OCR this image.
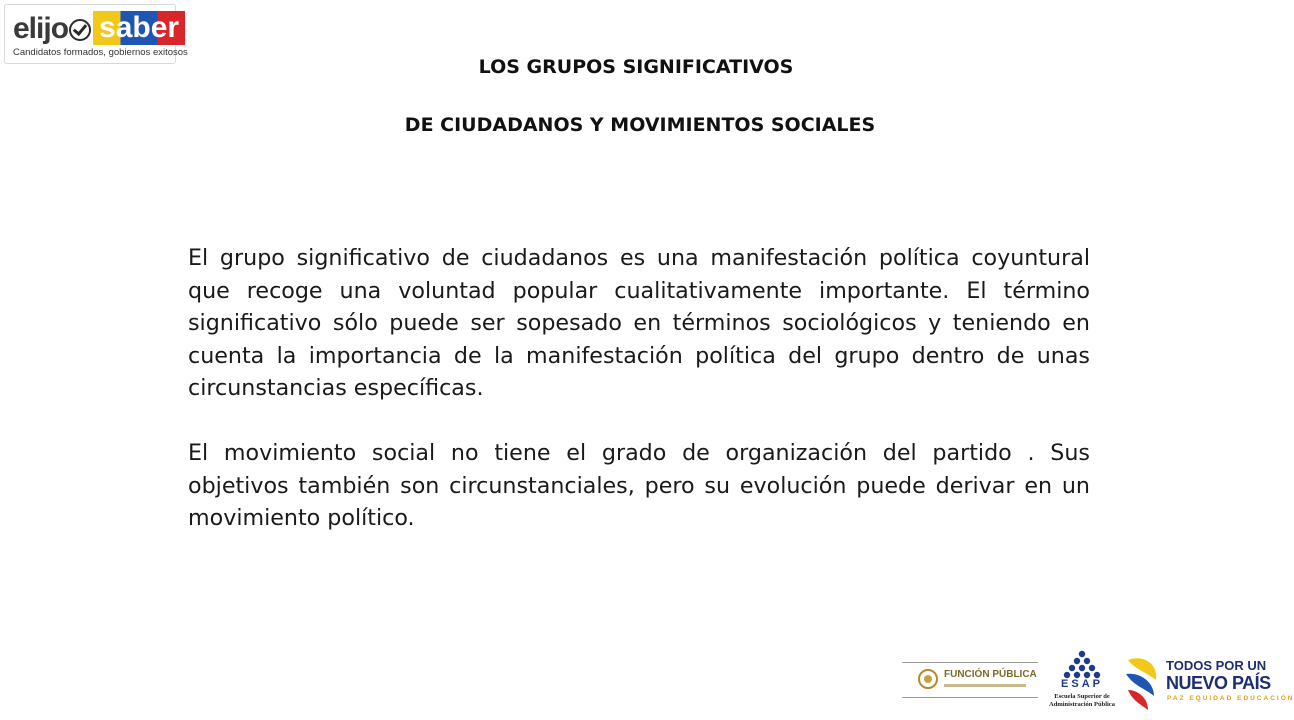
elijo saber
Candidatos formados, gobiernos exitosos
LOS GRUPOS SIGNIFICATIVOS
DE CIUDADANOS Y MOVIMIENTOS SOCIALES

El grupo significativo de ciudadanos es una manifestación política coyuntural que recoge una voluntad popular cualitativamente importante. El término significativo sólo puede ser sopesado en términos sociológicos y teniendo en cuenta la importancia de la manifestación política del grupo dentro de unas circunstancias específicas.

El movimiento social no tiene el grado de organización del partido . Sus objetivos también son circunstanciales, pero su evolución puede derivar en un movimiento político.

FUNCIÓN PÚBLICA
ESAP
Escuela Superior de
Administración Pública
TODOS POR UN
NUEVO PAÍS
PAZ EQUIDAD EDUCACIÓN
